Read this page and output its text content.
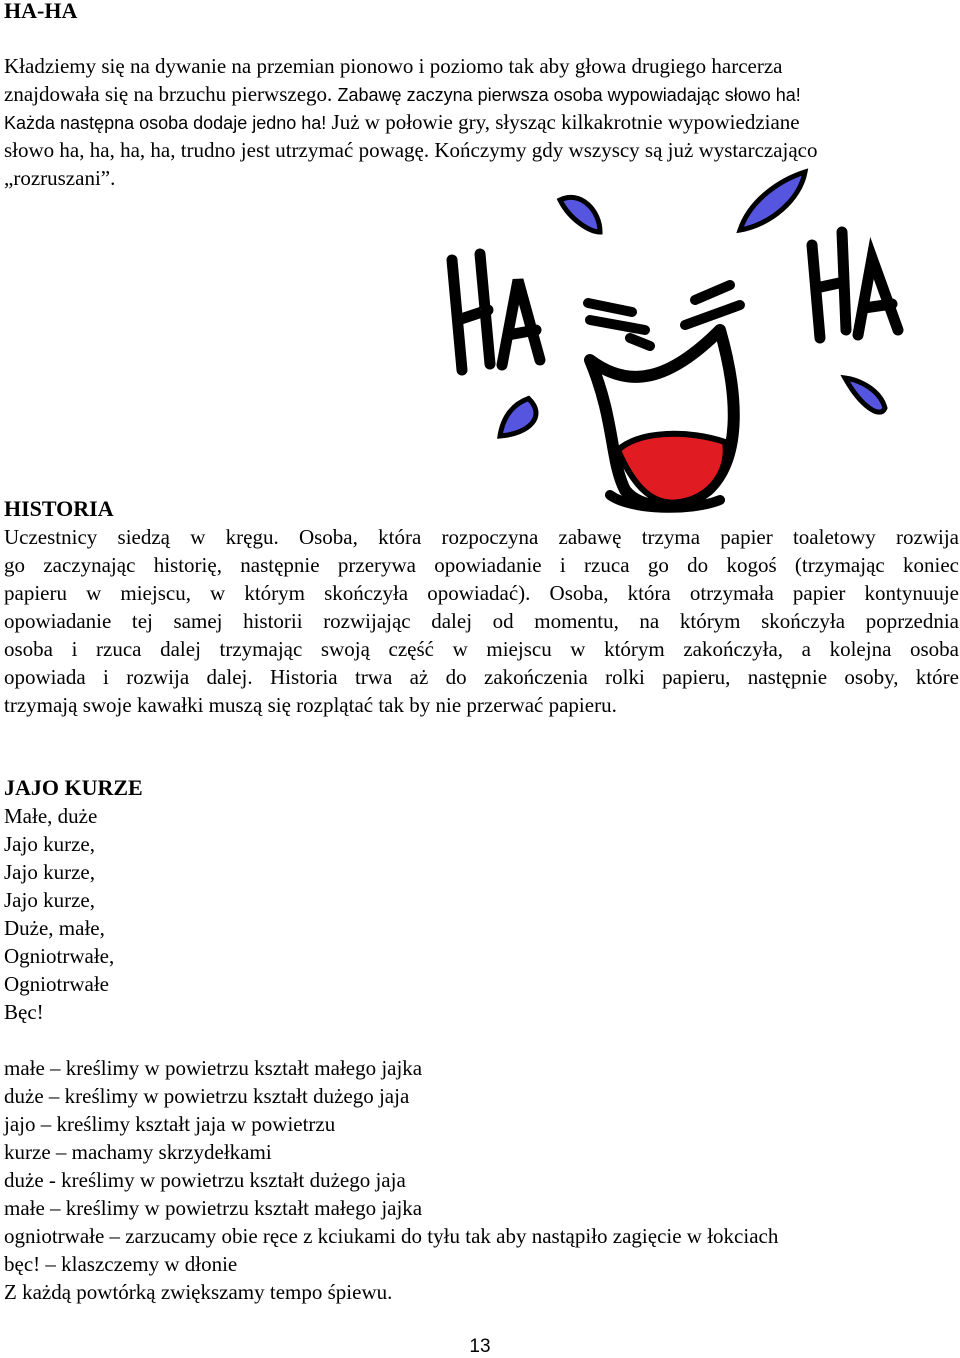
HA-HA
Kładziemy się na dywanie na przemian pionowo i poziomo tak aby głowa drugiego harcerza
znajdowała się na brzuchu pierwszego. Zabawę zaczyna pierwsza osoba wypowiadając słowo ha!
Każda następna osoba dodaje jedno ha! Już w połowie gry, słysząc kilkakrotnie wypowiedziane
słowo ha, ha, ha, ha, trudno jest utrzymać powagę. Kończymy gdy wszyscy są już wystarczająco
„rozruszani”.
HA
HA
HISTORIA
Uczestnicy siedzą w kręgu. Osoba, która rozpoczyna zabawę trzyma papier toaletowy rozwija
go zaczynając historię, następnie przerywa opowiadanie i rzuca go do kogoś (trzymając koniec
papieru w miejscu, w którym skończyła opowiadać). Osoba, która otrzymała papier kontynuuje
opowiadanie tej samej historii rozwijając dalej od momentu, na którym skończyła poprzednia
osoba i rzuca dalej trzymając swoją część w miejscu w którym zakończyła, a kolejna osoba
opowiada i rozwija dalej. Historia trwa aż do zakończenia rolki papieru, następnie osoby, które
trzymają swoje kawałki muszą się rozplątać tak by nie przerwać papieru.
JAJO KURZE
Małe, duże
Jajo kurze,
Jajo kurze,
Jajo kurze,
Duże, małe,
Ogniotrwałe,
Ogniotrwałe
Bęc!
małe – kreślimy w powietrzu kształt małego jajka
duże – kreślimy w powietrzu kształt dużego jaja
jajo – kreślimy kształt jaja w powietrzu
kurze – machamy skrzydełkami
duże - kreślimy w powietrzu kształt dużego jaja
małe – kreślimy w powietrzu kształt małego jajka
ogniotrwałe – zarzucamy obie ręce z kciukami do tyłu tak aby nastąpiło zagięcie w łokciach
bęc! – klaszczemy w dłonie
Z każdą powtórką zwiększamy tempo śpiewu.
13
